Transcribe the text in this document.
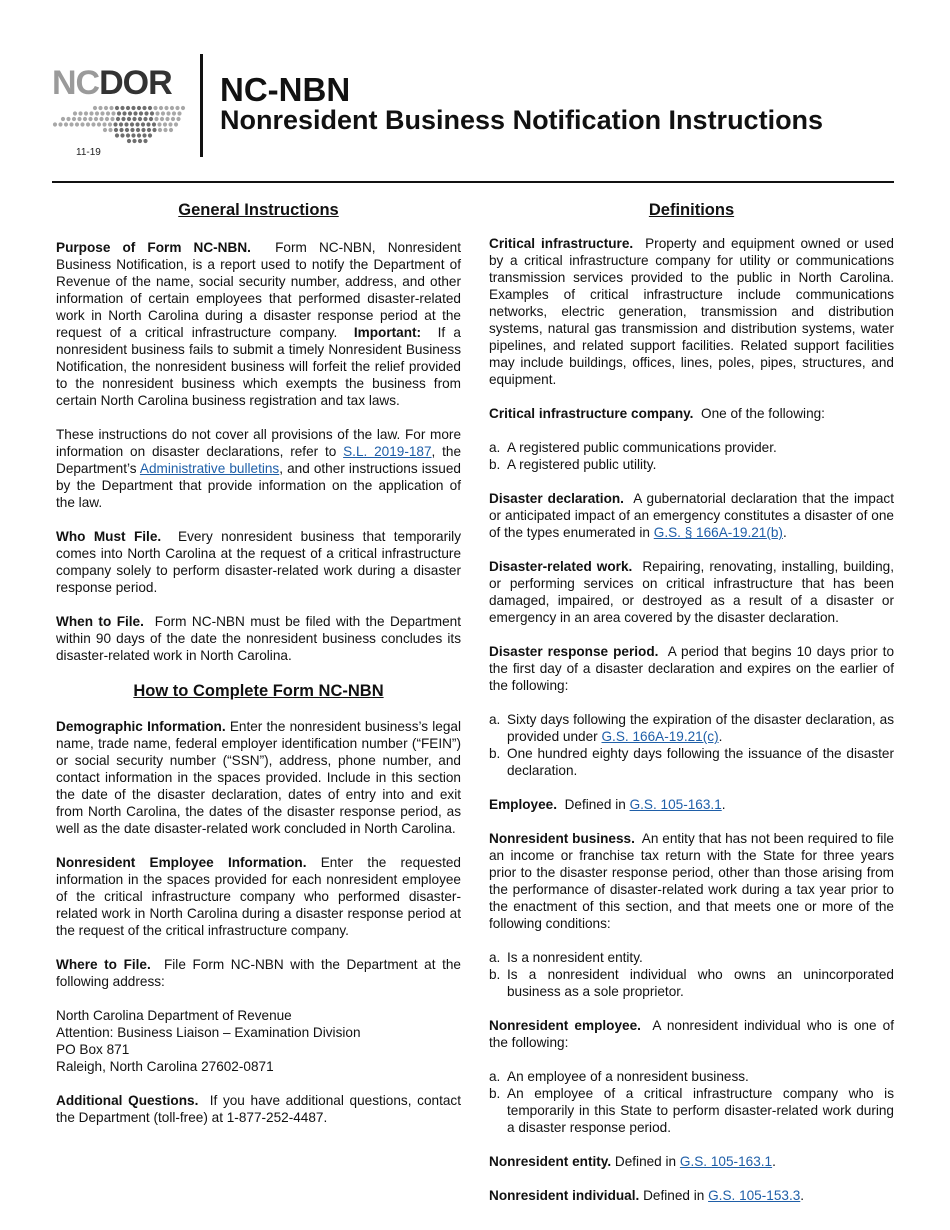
NCDOR
11-19
NC-NBN
Nonresident Business Notification Instructions
General Instructions

Purpose of Form NC-NBN. Form NC-NBN, Nonresident Business Notification, is a report used to notify the Department of Revenue of the name, social security number, address, and other information of certain employees that performed disaster-related work in North Carolina during a disaster response period at the request of a critical infrastructure company. Important: If a nonresident business fails to submit a timely Nonresident Business Notification, the nonresident business will forfeit the relief provided to the nonresident business which exempts the business from certain North Carolina business registration and tax laws.

These instructions do not cover all provisions of the law. For more information on disaster declarations, refer to S.L. 2019-187, the Department’s Administrative bulletins, and other instructions issued by the Department that provide information on the application of the law.

Who Must File. Every nonresident business that temporarily comes into North Carolina at the request of a critical infrastructure company solely to perform disaster-related work during a disaster response period.

When to File. Form NC-NBN must be filed with the Department within 90 days of the date the nonresident business concludes its disaster-related work in North Carolina.

How to Complete Form NC-NBN

Demographic Information. Enter the nonresident business’s legal name, trade name, federal employer identification number (“FEIN”) or social security number (“SSN”), address, phone number, and contact information in the spaces provided. Include in this section the date of the disaster declaration, dates of entry into and exit from North Carolina, the dates of the disaster response period, as well as the date disaster-related work concluded in North Carolina.

Nonresident Employee Information. Enter the requested information in the spaces provided for each nonresident employee of the critical infrastructure company who performed disaster-related work in North Carolina during a disaster response period at the request of the critical infrastructure company.

Where to File. File Form NC-NBN with the Department at the following address:

North Carolina Department of Revenue
Attention: Business Liaison – Examination Division
PO Box 871
Raleigh, North Carolina 27602-0871

Additional Questions. If you have additional questions, contact the Department (toll-free) at 1-877-252-4487.

Definitions

Critical infrastructure. Property and equipment owned or used by a critical infrastructure company for utility or communications transmission services provided to the public in North Carolina. Examples of critical infrastructure include communications networks, electric generation, transmission and distribution systems, natural gas transmission and distribution systems, water pipelines, and related support facilities. Related support facilities may include buildings, offices, lines, poles, pipes, structures, and equipment.

Critical infrastructure company. One of the following:

a. A registered public communications provider.
b. A registered public utility.

Disaster declaration. A gubernatorial declaration that the impact or anticipated impact of an emergency constitutes a disaster of one of the types enumerated in G.S. § 166A-19.21(b).

Disaster-related work. Repairing, renovating, installing, building, or performing services on critical infrastructure that has been damaged, impaired, or destroyed as a result of a disaster or emergency in an area covered by the disaster declaration.

Disaster response period. A period that begins 10 days prior to the first day of a disaster declaration and expires on the earlier of the following:

a. Sixty days following the expiration of the disaster declaration, as provided under G.S. 166A-19.21(c).
b. One hundred eighty days following the issuance of the disaster declaration.

Employee. Defined in G.S. 105-163.1.

Nonresident business. An entity that has not been required to file an income or franchise tax return with the State for three years prior to the disaster response period, other than those arising from the performance of disaster-related work during a tax year prior to the enactment of this section, and that meets one or more of the following conditions:

a. Is a nonresident entity.
b. Is a nonresident individual who owns an unincorporated business as a sole proprietor.

Nonresident employee. A nonresident individual who is one of the following:

a. An employee of a nonresident business.
b. An employee of a critical infrastructure company who is temporarily in this State to perform disaster-related work during a disaster response period.

Nonresident entity. Defined in G.S. 105-163.1.

Nonresident individual. Defined in G.S. 105-153.3.
